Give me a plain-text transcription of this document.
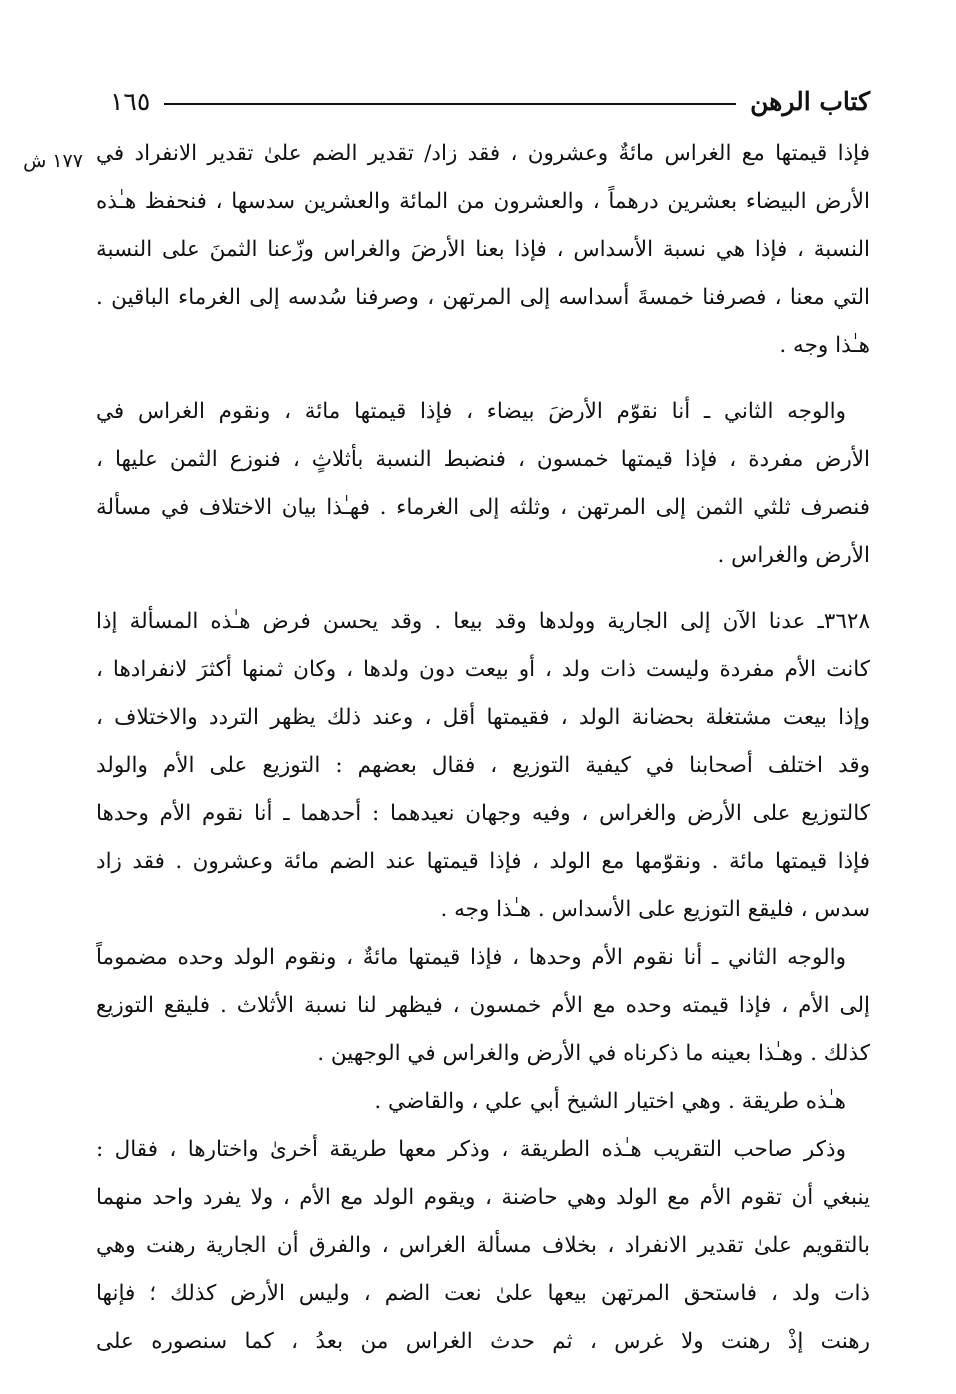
كتاب الرهن
١٦٥
١٧٧ ش فإذا قيمتها مع الغراس مائةٌ وعشرون ، فقد زاد/ تقدير الضم علىٰ تقدير الانفراد في
الأرض البيضاء بعشرين درهماً ، والعشرون من المائة والعشرين سدسها ، فنحفظ هـٰذه
النسبة ، فإذا هي نسبة الأسداس ، فإذا بعنا الأرضَ والغراس وزّعنا الثمنَ على النسبة
التي معنا ، فصرفنا خمسةَ أسداسه إلى المرتهن ، وصرفنا سُدسه إلى الغرماء الباقين .
هـٰذا وجه .

والوجه الثاني ـ أنا نقوّم الأرضَ بيضاء ، فإذا قيمتها مائة ، ونقوم الغراس في
الأرض مفردة ، فإذا قيمتها خمسون ، فنضبط النسبة بأثلاثٍ ، فنوزع الثمن عليها ،
فنصرف ثلثي الثمن إلى المرتهن ، وثلثه إلى الغرماء . فهـٰذا بيان الاختلاف في مسألة
الأرض والغراس .

٣٦٢٨ـ عدنا الآن إلى الجارية وولدها وقد بيعا . وقد يحسن فرض هـٰذه المسألة إذا
كانت الأم مفردة وليست ذات ولد ، أو بيعت دون ولدها ، وكان ثمنها أكثرَ لانفرادها ،
وإذا بيعت مشتغلة بحضانة الولد ، فقيمتها أقل ، وعند ذلك يظهر التردد والاختلاف ،
وقد اختلف أصحابنا في كيفية التوزيع ، فقال بعضهم : التوزيع على الأم والولد
كالتوزيع على الأرض والغراس ، وفيه وجهان نعيدهما : أحدهما ـ أنا نقوم الأم وحدها
فإذا قيمتها مائة . ونقوّمها مع الولد ، فإذا قيمتها عند الضم مائة وعشرون . فقد زاد
سدس ، فليقع التوزيع على الأسداس . هـٰذا وجه .

والوجه الثاني ـ أنا نقوم الأم وحدها ، فإذا قيمتها مائةٌ ، ونقوم الولد وحده مضموماً
إلى الأم ، فإذا قيمته وحده مع الأم خمسون ، فيظهر لنا نسبة الأثلاث . فليقع التوزيع
كذلك . وهـٰذا بعينه ما ذكرناه في الأرض والغراس في الوجهين .

هـٰذه طريقة . وهي اختيار الشيخ أبي علي ، والقاضي .

وذكر صاحب التقريب هـٰذه الطريقة ، وذكر معها طريقة أخرىٰ واختارها ، فقال :
ينبغي أن تقوم الأم مع الولد وهي حاضنة ، ويقوم الولد مع الأم ، ولا يفرد واحد منهما
بالتقويم علىٰ تقدير الانفراد ، بخلاف مسألة الغراس ، والفرق أن الجارية رهنت وهي
ذات ولد ، فاستحق المرتهن بيعها علىٰ نعت الضم ، وليس الأرض كذلك ؛ فإنها
رهنت إذْ رهنت ولا غرس ، ثم حدث الغراس من بعدُ ، كما سنصوره على
